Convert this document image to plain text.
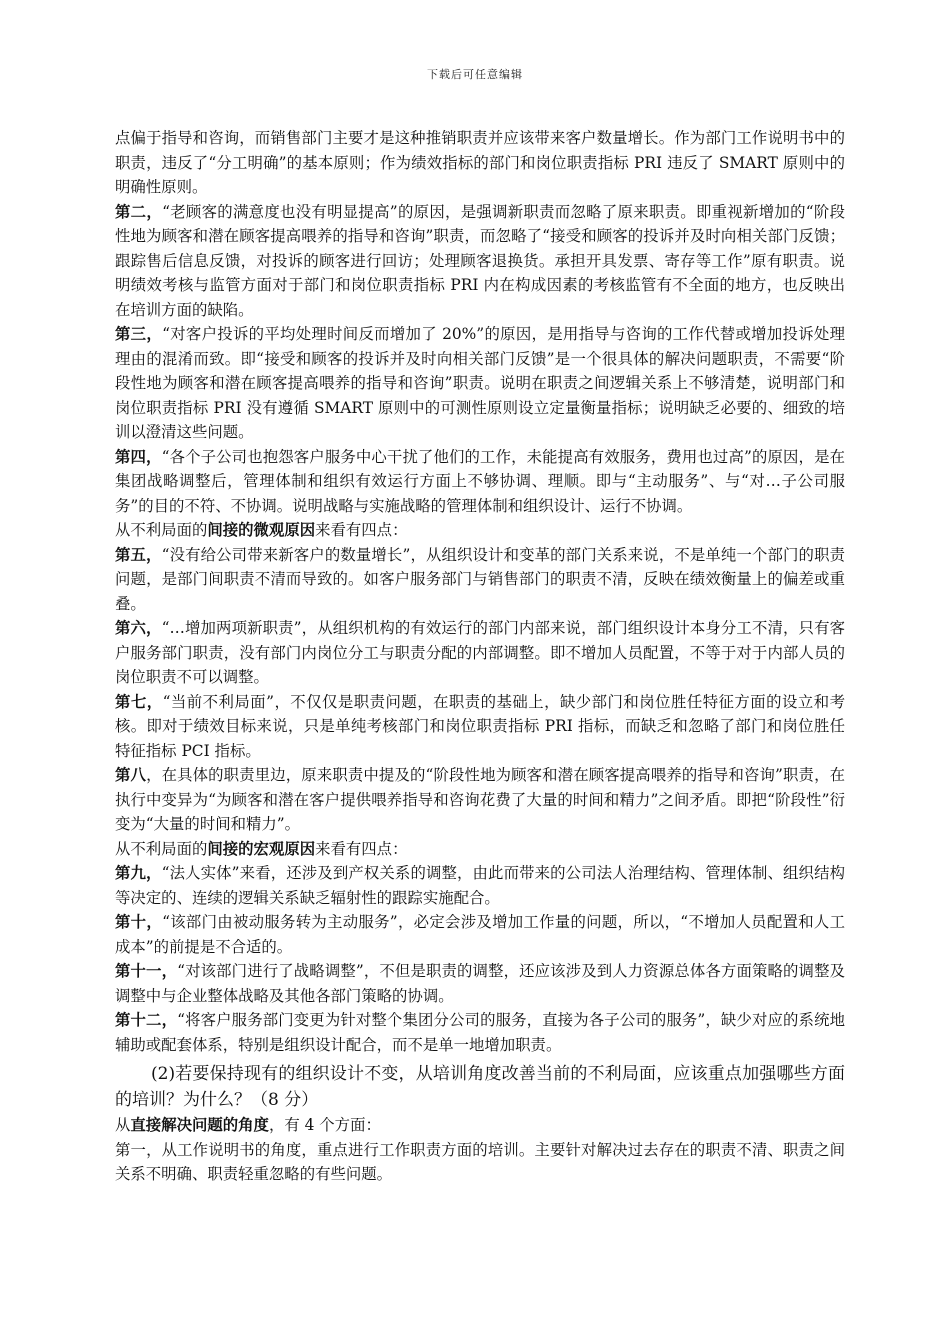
下载后可任意编辑

点偏于指导和咨询，而销售部门主要才是这种推销职责并应该带来客户数量增长。作为部门工作说明书中的职责，违反了“分工明确”的基本原则；作为绩效指标的部门和岗位职责指标 PRI 违反了 SMART 原则中的明确性原则。

第二，“老顾客的满意度也没有明显提高”的原因，是强调新职责而忽略了原来职责。即重视新增加的“阶段性地为顾客和潜在顾客提高喂养的指导和咨询”职责，而忽略了“接受和顾客的投诉并及时向相关部门反馈；跟踪售后信息反馈，对投诉的顾客进行回访；处理顾客退换货。承担开具发票、寄存等工作”原有职责。说明绩效考核与监管方面对于部门和岗位职责指标 PRI 内在构成因素的考核监管有不全面的地方，也反映出在培训方面的缺陷。

第三，“对客户投诉的平均处理时间反而增加了 20%”的原因，是用指导与咨询的工作代替或增加投诉处理理由的混淆而致。即“接受和顾客的投诉并及时向相关部门反馈”是一个很具体的解决问题职责，不需要“阶段性地为顾客和潜在顾客提高喂养的指导和咨询”职责。说明在职责之间逻辑关系上不够清楚，说明部门和岗位职责指标 PRI 没有遵循 SMART 原则中的可测性原则设立定量衡量指标；说明缺乏必要的、细致的培训以澄清这些问题。

第四，“各个子公司也抱怨客户服务中心干扰了他们的工作，未能提高有效服务，费用也过高”的原因，是在集团战略调整后，管理体制和组织有效运行方面上不够协调、理顺。即与“主动服务”、与“对…子公司服务”的目的不符、不协调。说明战略与实施战略的管理体制和组织设计、运行不协调。

从不利局面的间接的微观原因来看有四点：

第五，“没有给公司带来新客户的数量增长”，从组织设计和变革的部门关系来说，不是单纯一个部门的职责问题，是部门间职责不清而导致的。如客户服务部门与销售部门的职责不清，反映在绩效衡量上的偏差或重叠。

第六，“…增加两项新职责”，从组织机构的有效运行的部门内部来说，部门组织设计本身分工不清，只有客户服务部门职责，没有部门内岗位分工与职责分配的内部调整。即不增加人员配置，不等于对于内部人员的岗位职责不可以调整。

第七，“当前不利局面”，不仅仅是职责问题，在职责的基础上，缺少部门和岗位胜任特征方面的设立和考核。即对于绩效目标来说，只是单纯考核部门和岗位职责指标 PRI 指标，而缺乏和忽略了部门和岗位胜任特征指标 PCI 指标。

第八，在具体的职责里边，原来职责中提及的“阶段性地为顾客和潜在顾客提高喂养的指导和咨询”职责，在执行中变异为“为顾客和潜在客户提供喂养指导和咨询花费了大量的时间和精力”之间矛盾。即把“阶段性”衍变为“大量的时间和精力”。

从不利局面的间接的宏观原因来看有四点：

第九，“法人实体”来看，还涉及到产权关系的调整，由此而带来的公司法人治理结构、管理体制、组织结构等决定的、连续的逻辑关系缺乏辐射性的跟踪实施配合。

第十，“该部门由被动服务转为主动服务”，必定会涉及增加工作量的问题，所以，“不增加人员配置和人工成本”的前提是不合适的。

第十一，“对该部门进行了战略调整”，不但是职责的调整，还应该涉及到人力资源总体各方面策略的调整及调整中与企业整体战略及其他各部门策略的协调。

第十二，“将客户服务部门变更为针对整个集团分公司的服务，直接为各子公司的服务”，缺少对应的系统地辅助或配套体系，特别是组织设计配合，而不是单一地增加职责。

(2)若要保持现有的组织设计不变，从培训角度改善当前的不利局面，应该重点加强哪些方面的培训？为什么？（8 分）

从直接解决问题的角度，有 4 个方面：

第一，从工作说明书的角度，重点进行工作职责方面的培训。主要针对解决过去存在的职责不清、职责之间关系不明确、职责轻重忽略的有些问题。
